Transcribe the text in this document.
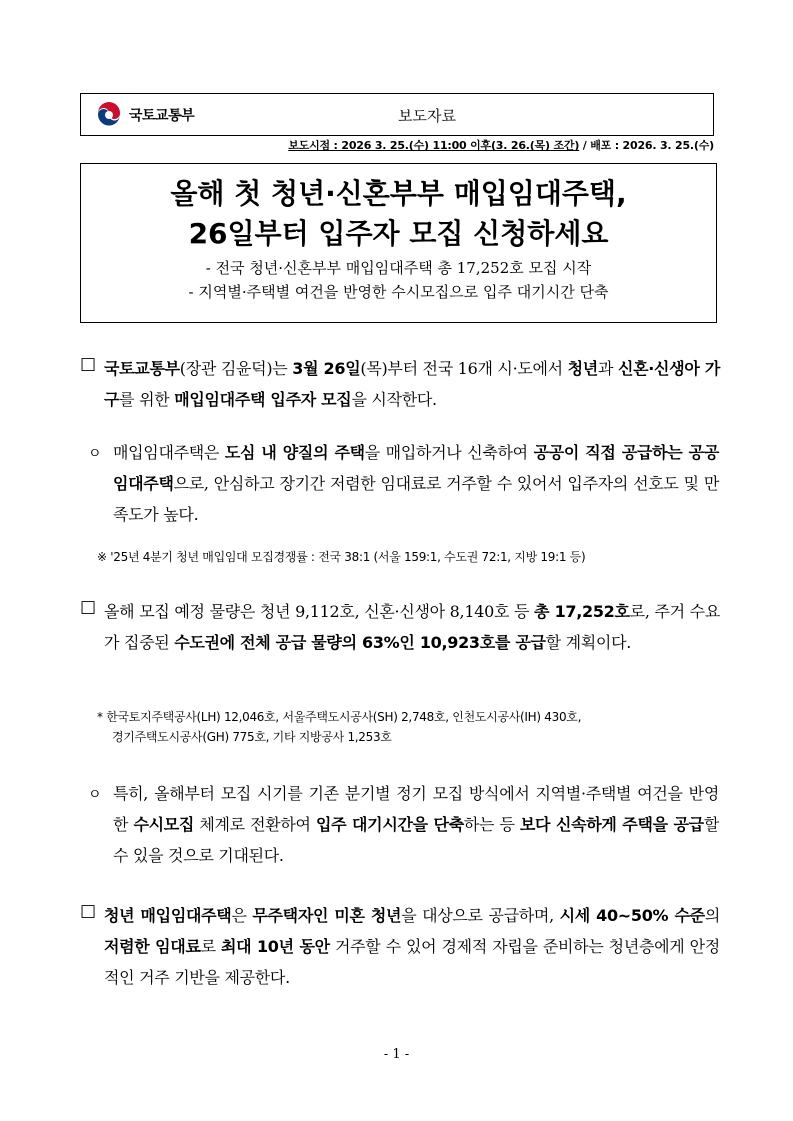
국토교통부	보도자료
보도시점 : 2026 3. 25.(수) 11:00 이후(3. 26.(목) 조간) / 배포 : 2026. 3. 25.(수)
올해 첫 청년·신혼부부 매입임대주택,
26일부터 입주자 모집 신청하세요
- 전국 청년·신혼부부 매입임대주택 총 17,252호 모집 시작
- 지역별·주택별 여건을 반영한 수시모집으로 입주 대기시간 단축
□ 국토교통부(장관 김윤덕)는 3월 26일(목)부터 전국 16개 시·도에서 청년과 신혼·신생아 가구를 위한 매입임대주택 입주자 모집을 시작한다.
ㅇ 매입임대주택은 도심 내 양질의 주택을 매입하거나 신축하여 공공이 직접 공급하는 공공임대주택으로, 안심하고 장기간 저렴한 임대료로 거주할 수 있어서 입주자의 선호도 및 만족도가 높다.
※ '25년 4분기 청년 매입임대 모집경쟁률 : 전국 38:1 (서울 159:1, 수도권 72:1, 지방 19:1 등)
□ 올해 모집 예정 물량은 청년 9,112호, 신혼·신생아 8,140호 등 총 17,252호로, 주거 수요가 집중된 수도권에 전체 공급 물량의 63%인 10,923호를 공급할 계획이다.
* 한국토지주택공사(LH) 12,046호, 서울주택도시공사(SH) 2,748호, 인천도시공사(IH) 430호,
경기주택도시공사(GH) 775호, 기타 지방공사 1,253호
ㅇ 특히, 올해부터 모집 시기를 기존 분기별 정기 모집 방식에서 지역별·주택별 여건을 반영한 수시모집 체계로 전환하여 입주 대기시간을 단축하는 등 보다 신속하게 주택을 공급할 수 있을 것으로 기대된다.
□ 청년 매입임대주택은 무주택자인 미혼 청년을 대상으로 공급하며, 시세 40~50% 수준의 저렴한 임대료로 최대 10년 동안 거주할 수 있어 경제적 자립을 준비하는 청년층에게 안정적인 거주 기반을 제공한다.
- 1 -
